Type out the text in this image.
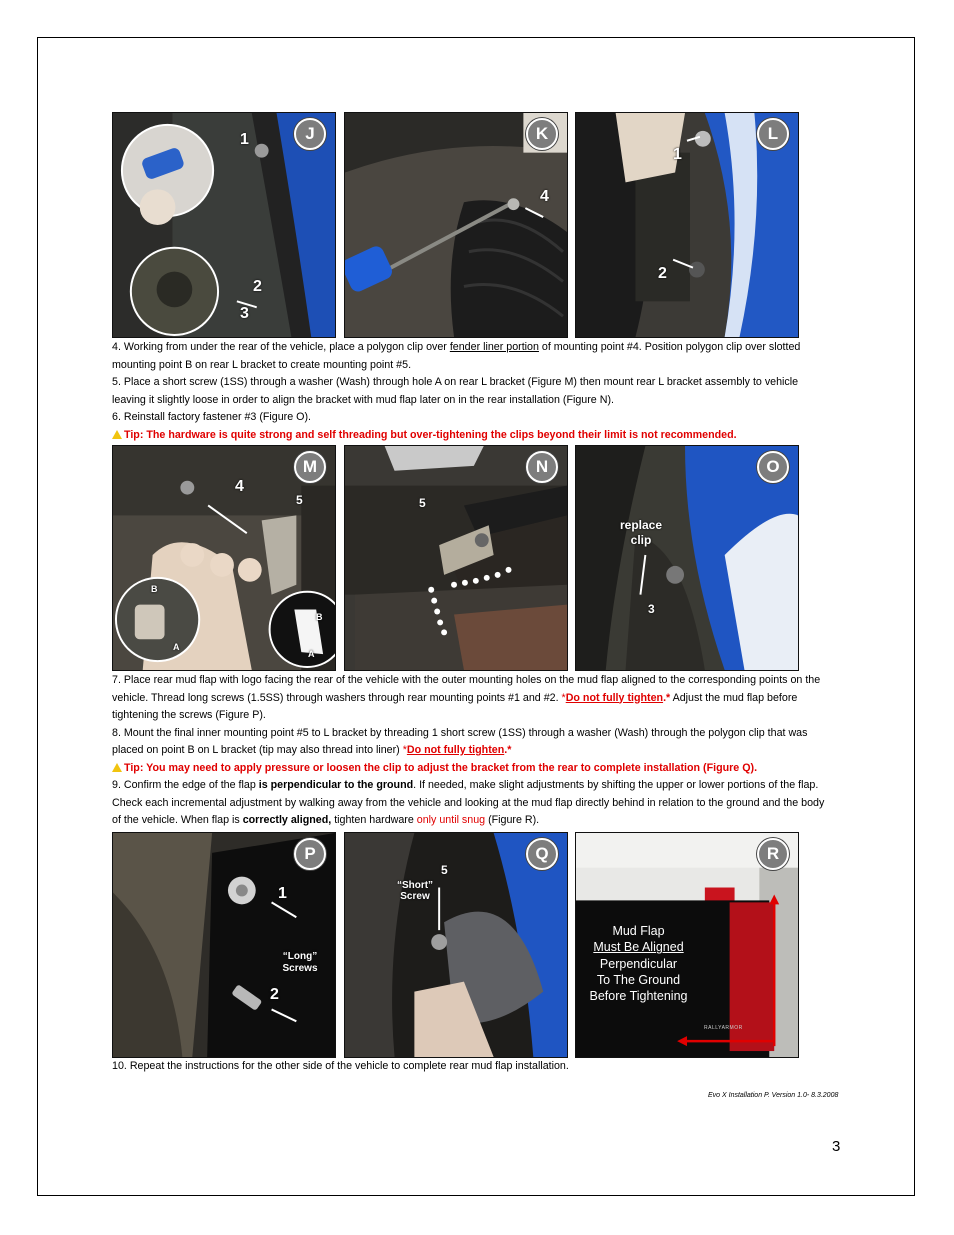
J
1
2
3
K
4
L
1
2

4. Working from under the rear of the vehicle, place a polygon clip over fender liner portion of mounting point #4. Position polygon clip over slotted mounting point B on rear L bracket to create mounting point #5.

5. Place a short screw (1SS) through a washer (Wash) through hole A on rear L bracket (Figure M) then mount rear L bracket assembly to vehicle leaving it slightly loose in order to align the bracket with mud flap later on in the rear installation (Figure N).

6. Reinstall factory fastener #3 (Figure O).

Tip: The hardware is quite strong and self threading but over-tightening the clips beyond their limit is not recommended.

M
4
5
B
A
B
A
N
5
O
replace clip
3

7. Place rear mud flap with logo facing the rear of the vehicle with the outer mounting holes on the mud flap aligned to the corresponding points on the vehicle. Thread long screws (1.5SS) through washers through rear mounting points #1 and #2. *Do not fully tighten.* Adjust the mud flap before tightening the screws (Figure P).

8. Mount the final inner mounting point #5 to L bracket by threading 1 short screw (1SS) through a washer (Wash) through the polygon clip that was placed on point B on L bracket (tip may also thread into liner) *Do not fully tighten.*

Tip: You may need to apply pressure or loosen the clip to adjust the bracket from the rear to complete installation (Figure Q).

9. Confirm the edge of the flap is perpendicular to the ground. If needed, make slight adjustments by shifting the upper or lower portions of the flap. Check each incremental adjustment by walking away from the vehicle and looking at the mud flap directly behind in relation to the ground and the body of the vehicle. When flap is correctly aligned, tighten hardware only until snug (Figure R).

P
1
2
“Long” Screws
Q
5
“Short” Screw
R
Mud Flap
Must Be Aligned
Perpendicular
To The Ground
Before Tightening
RALLYARMOR

10. Repeat the instructions for the other side of the vehicle to complete rear mud flap installation.

Evo X Installation P. Version 1.0- 8.3.2008
3
